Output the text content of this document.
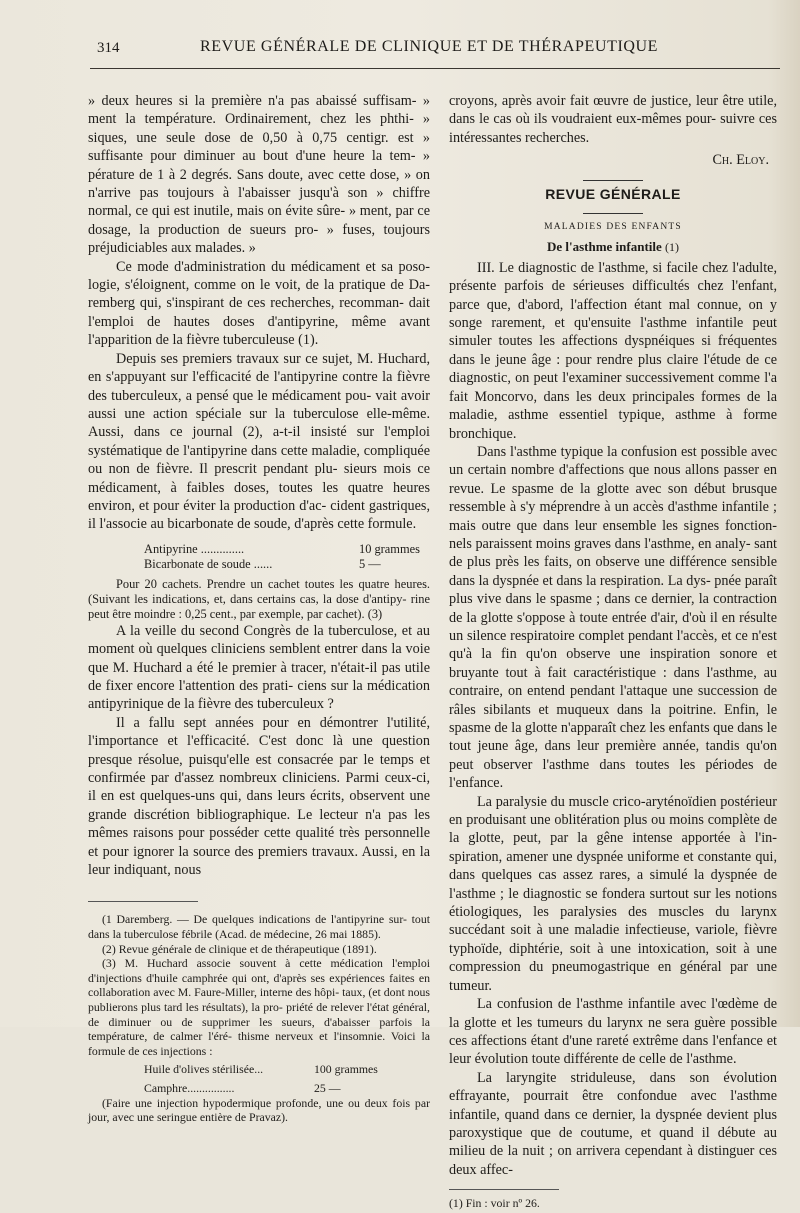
314	REVUE GÉNÉRALE DE CLINIQUE ET DE THÉRAPEUTIQUE

» deux heures si la première n'a pas abaissé suffisam- » ment la température. Ordinairement, chez les phthi- » siques, une seule dose de 0,50 à 0,75 centigr. est » suffisante pour diminuer au bout d'une heure la tem- » pérature de 1 à 2 degrés. Sans doute, avec cette dose, » on n'arrive pas toujours à l'abaisser jusqu'à son » chiffre normal, ce qui est inutile, mais on évite sûre- » ment, par ce dosage, la production de sueurs pro- » fuses, toujours préjudiciables aux malades. »

Ce mode d'administration du médicament et sa poso- logie, s'éloignent, comme on le voit, de la pratique de Da- remberg qui, s'inspirant de ces recherches, recomman- dait l'emploi de hautes doses d'antipyrine, même avant l'apparition de la fièvre tuberculeuse (1).

Depuis ses premiers travaux sur ce sujet, M. Huchard, en s'appuyant sur l'efficacité de l'antipyrine contre la fièvre des tuberculeux, a pensé que le médicament pou- vait avoir aussi une action spéciale sur la tuberculose elle-même. Aussi, dans ce journal (2), a-t-il insisté sur l'emploi systématique de l'antipyrine dans cette maladie, compliquée ou non de fièvre. Il prescrit pendant plu- sieurs mois ce médicament, à faibles doses, toutes les quatre heures environ, et pour éviter la production d'ac- cident gastriques, il l'associe au bicarbonate de soude, d'après cette formule.

Antipyrine ..............	10 grammes
Bicarbonate de soude ......	5 —

Pour 20 cachets. Prendre un cachet toutes les quatre heures. (Suivant les indications, et, dans certains cas, la dose d'antipy- rine peut être moindre : 0,25 cent., par exemple, par cachet). (3)

A la veille du second Congrès de la tuberculose, et au moment où quelques cliniciens semblent entrer dans la voie que M. Huchard a été le premier à tracer, n'était-il pas utile de fixer encore l'attention des prati- ciens sur la médication antipyrinique de la fièvre des tuberculeux ?

Il a fallu sept années pour en démontrer l'utilité, l'importance et l'efficacité. C'est donc là une question presque résolue, puisqu'elle est consacrée par le temps et confirmée par d'assez nombreux cliniciens. Parmi ceux-ci, il en est quelques-uns qui, dans leurs écrits, observent une grande discrétion bibliographique. Le lecteur n'a pas les mêmes raisons pour posséder cette qualité très personnelle et pour ignorer la source des premiers travaux. Aussi, en la leur indiquant, nous

(1 Daremberg. — De quelques indications de l'antipyrine sur- tout dans la tuberculose fébrile (Acad. de médecine, 26 mai 1885).

(2) Revue générale de clinique et de thérapeutique (1891).

(3) M. Huchard associe souvent à cette médication l'emploi d'injections d'huile camphrée qui ont, d'après ses expériences faites en collaboration avec M. Faure-Miller, interne des hôpi- taux, (et dont nous publierons plus tard les résultats), la pro- priété de relever l'état général, de diminuer ou de supprimer les sueurs, d'abaisser parfois la température, de calmer l'éré- thisme nerveux et l'insomnie. Voici la formule de ces injections :

Huile d'olives stérilisée...	100 grammes
Camphre................	25 —

(Faire une injection hypodermique profonde, une ou deux fois par jour, avec une seringue entière de Pravaz).

croyons, après avoir fait œuvre de justice, leur être utile, dans le cas où ils voudraient eux-mêmes pour- suivre ces intéressantes recherches.

Ch. Eloy.
REVUE GÉNÉRALE
MALADIES DES ENFANTS
De l'asthme infantile (1)

III. Le diagnostic de l'asthme, si facile chez l'adulte, présente parfois de sérieuses difficultés chez l'enfant, parce que, d'abord, l'affection étant mal connue, on y songe rarement, et qu'ensuite l'asthme infantile peut simuler toutes les affections dyspnéiques si fréquentes dans le jeune âge : pour rendre plus claire l'étude de ce diagnostic, on peut l'examiner successivement comme l'a fait Moncorvo, dans les deux principales formes de la maladie, asthme essentiel typique, asthme à forme bronchique.

Dans l'asthme typique la confusion est possible avec un certain nombre d'affections que nous allons passer en revue. Le spasme de la glotte avec son début brusque ressemble à s'y méprendre à un accès d'asthme infantile ; mais outre que dans leur ensemble les signes fonction- nels paraissent moins graves dans l'asthme, en analy- sant de plus près les faits, on observe une différence sensible dans la dyspnée et dans la respiration. La dys- pnée paraît plus vive dans le spasme ; dans ce dernier, la contraction de la glotte s'oppose à toute entrée d'air, d'où il en résulte un silence respiratoire complet pendant l'accès, et ce n'est qu'à la fin qu'on observe une inspiration sonore et bruyante tout à fait caractéristique : dans l'asthme, au contraire, on entend pendant l'attaque une succession de râles sibilants et muqueux dans la poitrine. Enfin, le spasme de la glotte n'apparaît chez les enfants que dans le tout jeune âge, dans leur première année, tandis qu'on peut observer l'asthme dans toutes les périodes de l'enfance.

La paralysie du muscle crico-aryténoïdien postérieur en produisant une oblitération plus ou moins complète de la glotte, peut, par la gêne intense apportée à l'in- spiration, amener une dyspnée uniforme et constante qui, dans quelques cas assez rares, a simulé la dyspnée de l'asthme ; le diagnostic se fondera surtout sur les notions étiologiques, les paralysies des muscles du larynx succédant soit à une maladie infectieuse, variole, fièvre typhoïde, diphtérie, soit à une intoxication, soit à une compression du pneumogastrique en général par une tumeur.

La confusion de l'asthme infantile avec l'œdème de la glotte et les tumeurs du larynx ne sera guère possible ces affections étant d'une rareté extrême dans l'enfance et leur évolution toute différente de celle de l'asthme.

La laryngite striduleuse, dans son évolution effrayante, pourrait être confondue avec l'asthme infantile, quand dans ce dernier, la dyspnée devient plus paroxystique que de coutume, et quand il débute au milieu de la nuit ; on arrivera cependant à distinguer ces deux affec-

(1) Fin : voir nº 26.
